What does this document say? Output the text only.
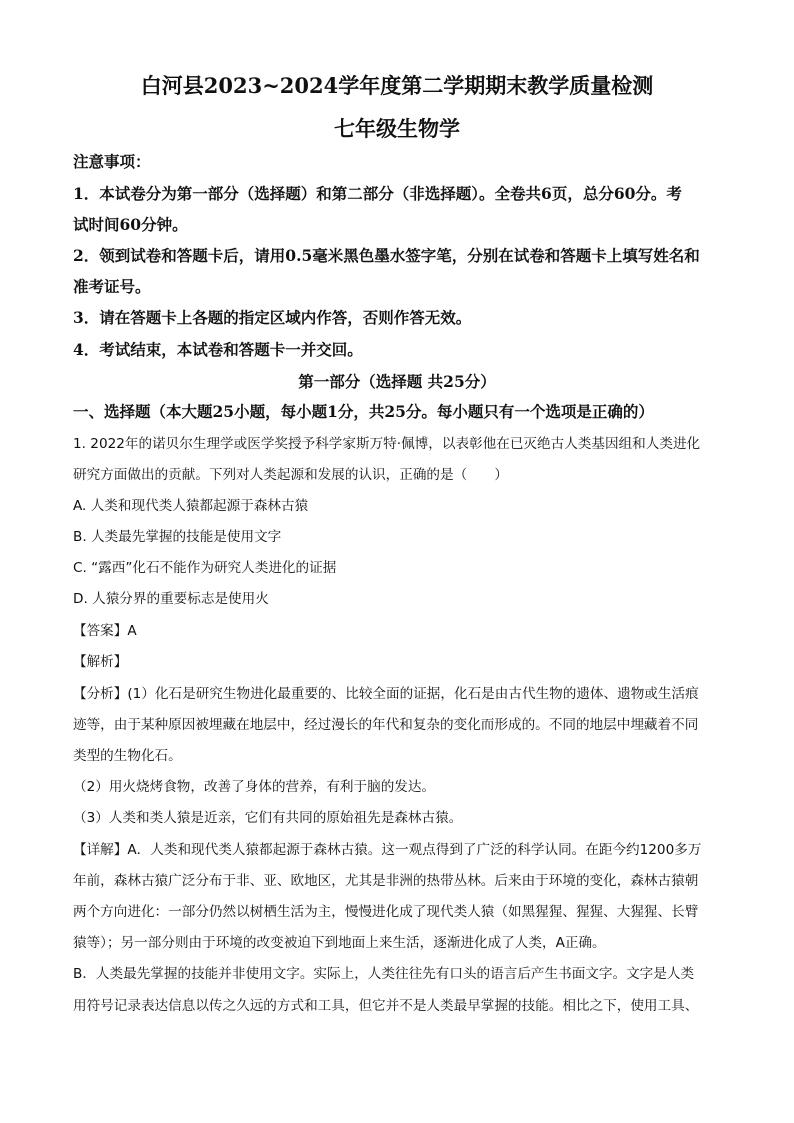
白河县2023~2024学年度第二学期期末教学质量检测
七年级生物学
注意事项：
1．本试卷分为第一部分（选择题）和第二部分（非选择题）。全卷共6页，总分60分。考
试时间60分钟。
2．领到试卷和答题卡后，请用0.5毫米黑色墨水签字笔，分别在试卷和答题卡上填写姓名和
准考证号。
3．请在答题卡上各题的指定区域内作答，否则作答无效。
4．考试结束，本试卷和答题卡一并交回。
第一部分（选择题 共25分）
一、选择题（本大题25小题，每小题1分，共25分。每小题只有一个选项是正确的）
1. 2022年的诺贝尔生理学或医学奖授予科学家斯万特·佩博，以表彰他在已灭绝古人类基因组和人类进化
研究方面做出的贡献。下列对人类起源和发展的认识，正确的是（　　）
A. 人类和现代类人猿都起源于森林古猿
B. 人类最先掌握的技能是使用文字
C. “露西”化石不能作为研究人类进化的证据
D. 人猿分界的重要标志是使用火
【答案】A
【解析】
【分析】(1）化石是研究生物进化最重要的、比较全面的证据，化石是由古代生物的遗体、遗物或生活痕
迹等，由于某种原因被埋藏在地层中，经过漫长的年代和复杂的变化而形成的。不同的地层中埋藏着不同
类型的生物化石。
（2）用火烧烤食物，改善了身体的营养，有利于脑的发达。
（3）人类和类人猿是近亲，它们有共同的原始祖先是森林古猿。
【详解】A．人类和现代类人猿都起源于森林古猿。这一观点得到了广泛的科学认同。在距今约1200多万
年前，森林古猿广泛分布于非、亚、欧地区，尤其是非洲的热带丛林。后来由于环境的变化，森林古猿朝
两个方向进化：一部分仍然以树栖生活为主，慢慢进化成了现代类人猿（如黑猩猩、猩猩、大猩猩、长臂
猿等）；另一部分则由于环境的改变被迫下到地面上来生活，逐渐进化成了人类，A正确。
B．人类最先掌握的技能并非使用文字。实际上，人类往往先有口头的语言后产生书面文字。文字是人类
用符号记录表达信息以传之久远的方式和工具，但它并不是人类最早掌握的技能。相比之下，使用工具、
